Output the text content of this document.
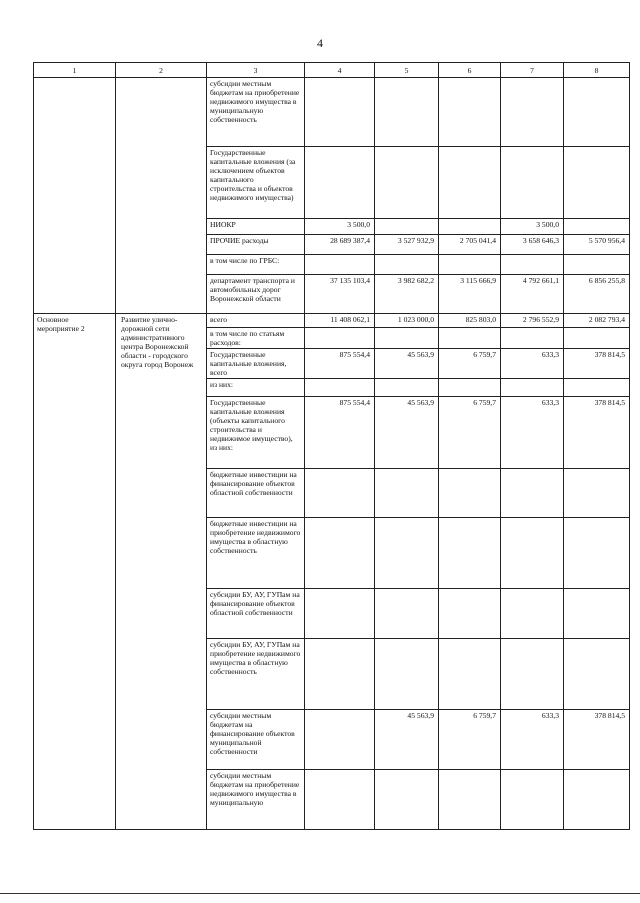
4
1	2	3	4	5	6	7	8
		субсидии местным бюджетам на приобретение недвижимого имущества в муниципальную собственность					
		Государственные капитальные вложения (за исключением объектов капитального строительства и объектов недвижимого имущества)					
		НИОКР	3 500,0			3 500,0	
		ПРОЧИЕ расходы	28 689 387,4	3 527 932,9	2 705 041,4	3 658 646,3	5 570 956,4
		в том числе по ГРБС:					
		департамент транспорта и автомобильных дорог Воронежской области	37 135 103,4	3 982 682,2	3 115 666,9	4 792 661,1	6 856 255,8
Основное мероприятие 2	Развитие улично-дорожной сети административного центра Воронежской области - городского округа город Воронеж	всего	11 408 062,1	1 023 000,0	825 803,0	2 796 552,9	2 082 793,4
		в том числе по статьям расходов:					
		Государственные капитальные вложения, всего	875 554,4	45 563,9	6 759,7	633,3	378 814,5
		из них:					
		Государственные капитальные вложения (объекты капитального строительства и недвижимое имущество), из них:	875 554,4	45 563,9	6 759,7	633,3	378 814,5
		бюджетные инвестиции на финансирование объектов областной собственности					
		бюджетные инвестиции на приобретение недвижимого имущества в областную собственность					
		субсидии БУ, АУ, ГУПам на финансирование объектов областной собственности					
		субсидии БУ, АУ, ГУПам на приобретение недвижимого имущества в областную собственность					
		субсидии местным бюджетам на финансирование объектов муниципальной собственности		45 563,9	6 759,7	633,3	378 814,5
		субсидии местным бюджетам на приобретение недвижимого имущества в муниципальную					
